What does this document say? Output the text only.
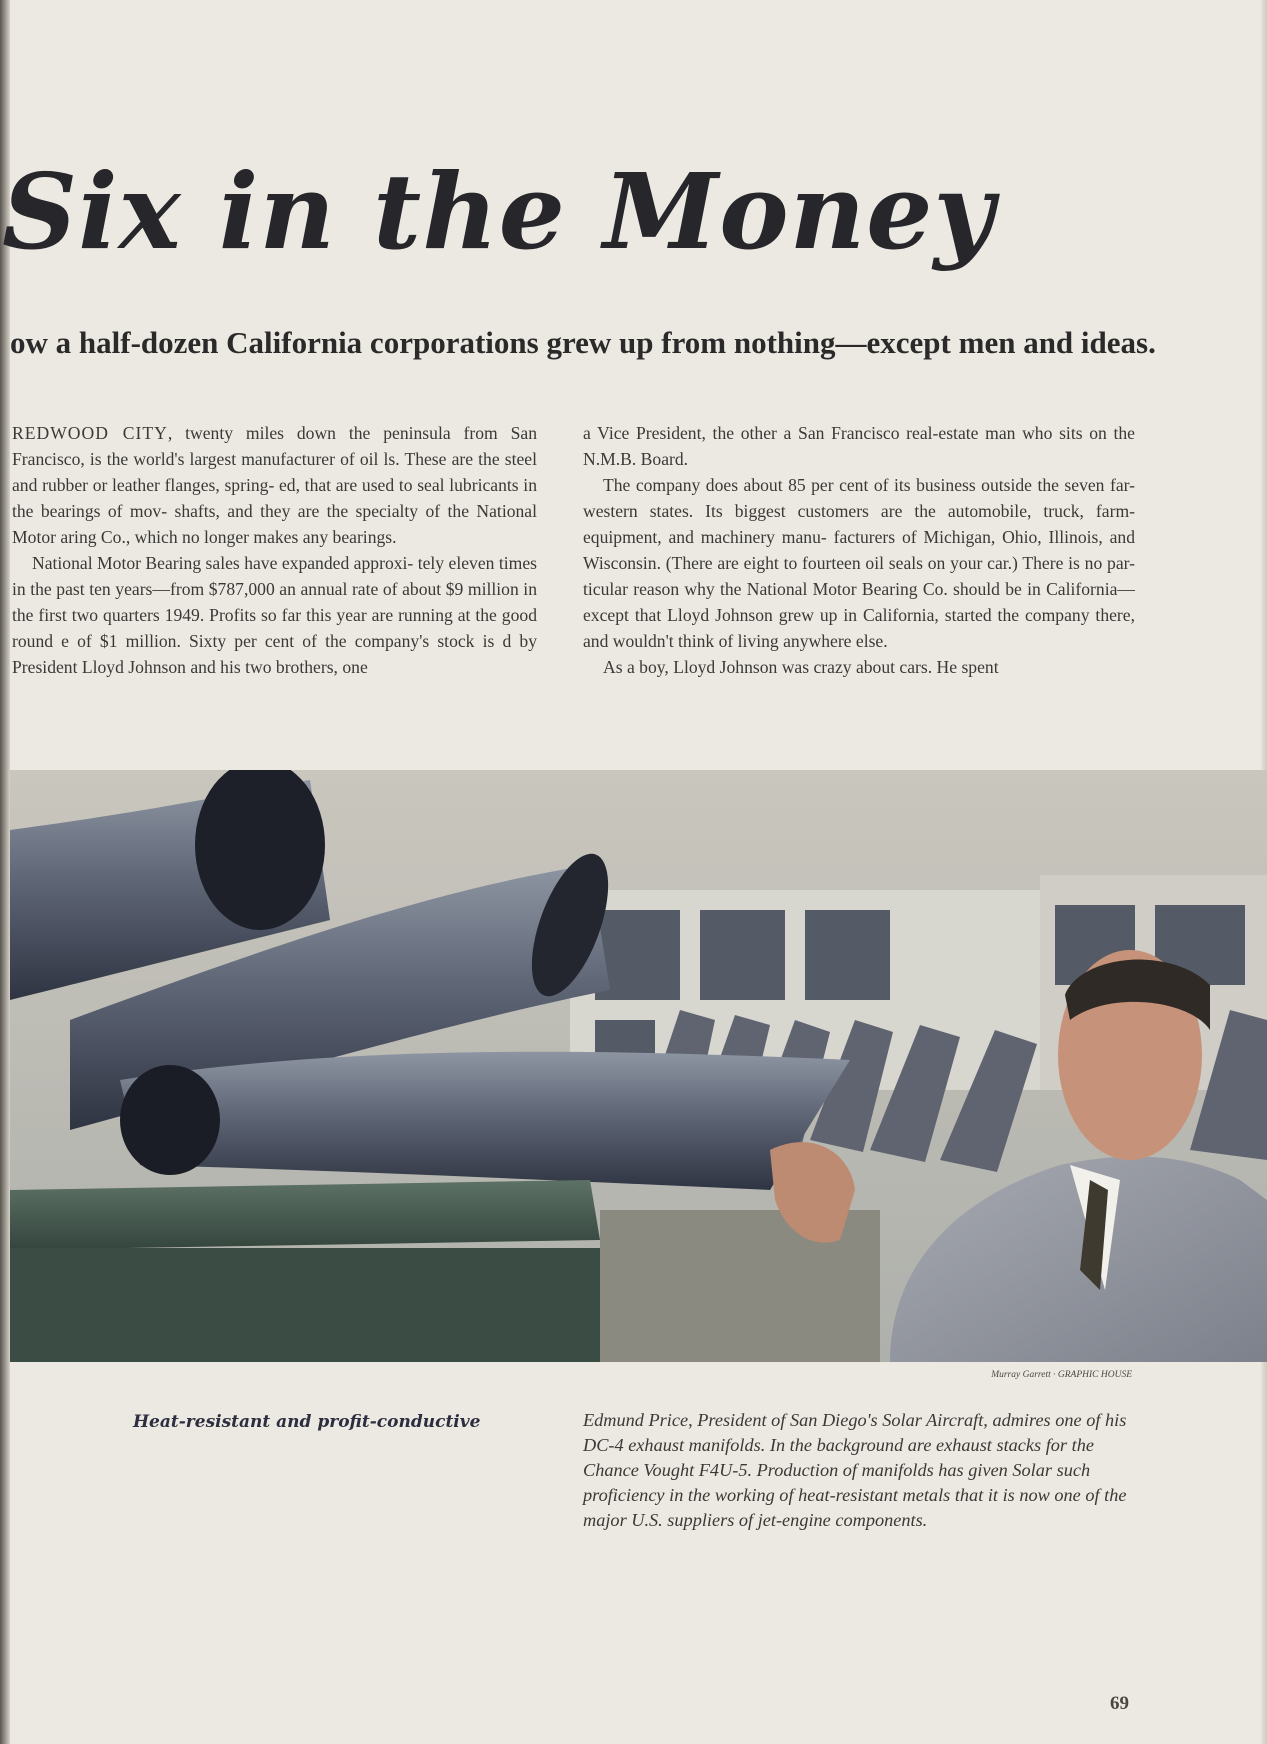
Six in the Money
ow a half-dozen California corporations grew up from nothing—except men and ideas.

REDWOOD CITY, twenty miles down the peninsula from San Francisco, is the world's largest manufacturer of oil ls. These are the steel and rubber or leather flanges, spring- ed, that are used to seal lubricants in the bearings of mov- shafts, and they are the specialty of the National Motor aring Co., which no longer makes any bearings.

National Motor Bearing sales have expanded approxi- tely eleven times in the past ten years—from $787,000 an annual rate of about $9 million in the first two quarters 1949. Profits so far this year are running at the good round e of $1 million. Sixty per cent of the company's stock is d by President Lloyd Johnson and his two brothers, one

a Vice President, the other a San Francisco real-estate man who sits on the N.M.B. Board.

The company does about 85 per cent of its business outside the seven far-western states. Its biggest customers are the automobile, truck, farm-equipment, and machinery manu- facturers of Michigan, Ohio, Illinois, and Wisconsin. (There are eight to fourteen oil seals on your car.) There is no par- ticular reason why the National Motor Bearing Co. should be in California—except that Lloyd Johnson grew up in California, started the company there, and wouldn't think of living anywhere else.

As a boy, Lloyd Johnson was crazy about cars. He spent

Murray Garrett · GRAPHIC HOUSE
Heat-resistant and profit-conductive	Edmund Price, President of San Diego's Solar Aircraft, admires one of his DC-4 exhaust manifolds. In the background are exhaust stacks for the Chance Vought F4U-5. Production of manifolds has given Solar such proficiency in the working of heat-resistant metals that it is now one of the major U.S. suppliers of jet-engine components.

69
